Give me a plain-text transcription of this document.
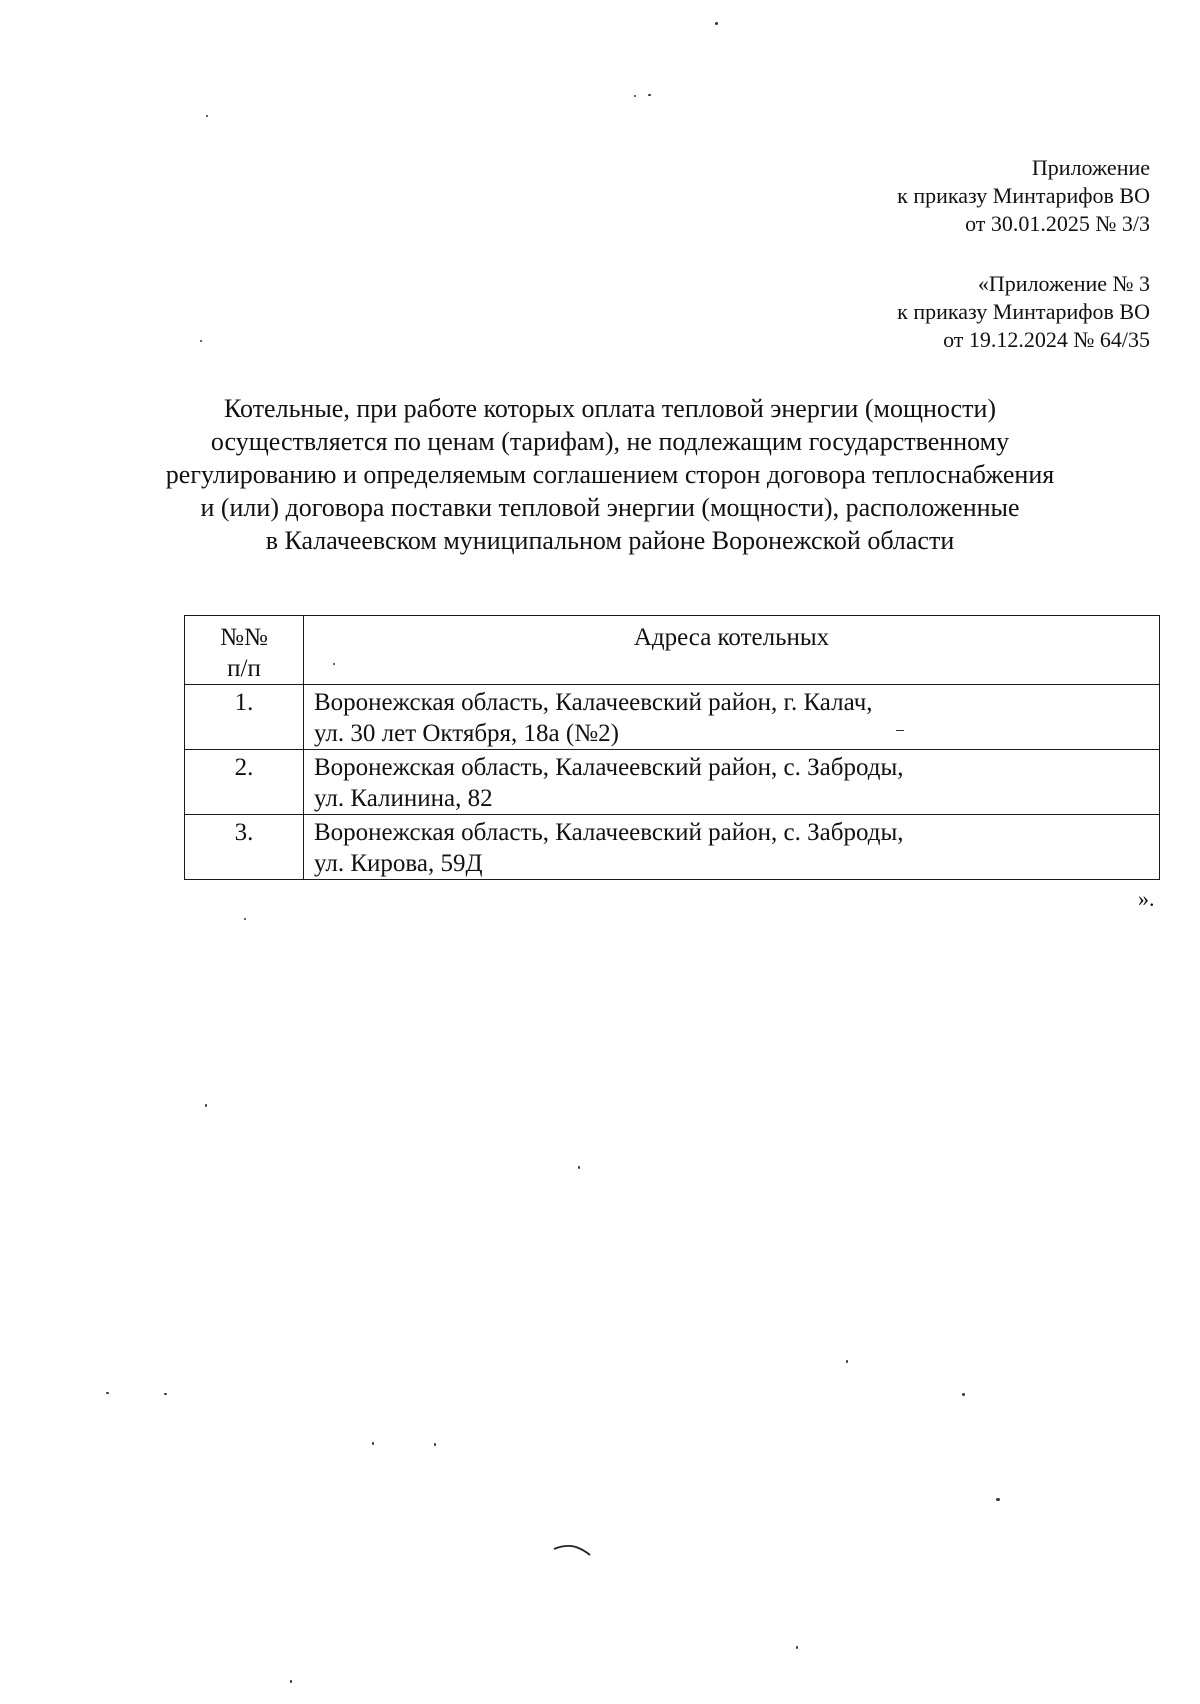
Приложение
к приказу Минтарифов ВО
от 30.01.2025 № 3/3
«Приложение № 3
к приказу Минтарифов ВО
от 19.12.2024 № 64/35
Котельные, при работе которых оплата тепловой энергии (мощности)
осуществляется по ценам (тарифам), не подлежащим государственному
регулированию и определяемым соглашением сторон договора теплоснабжения
и (или) договора поставки тепловой энергии (мощности), расположенные
в Калачеевском муниципальном районе Воронежской области
№№
п/п	Адреса котельных
1.	Воронежская область, Калачеевский район, г. Калач,
ул. 30 лет Октября, 18а (№2)

2.	Воронежская область, Калачеевский район, с. Заброды,
ул. Калинина, 82

3.	Воронежская область, Калачеевский район, с. Заброды,
ул. Кирова, 59Д
».
